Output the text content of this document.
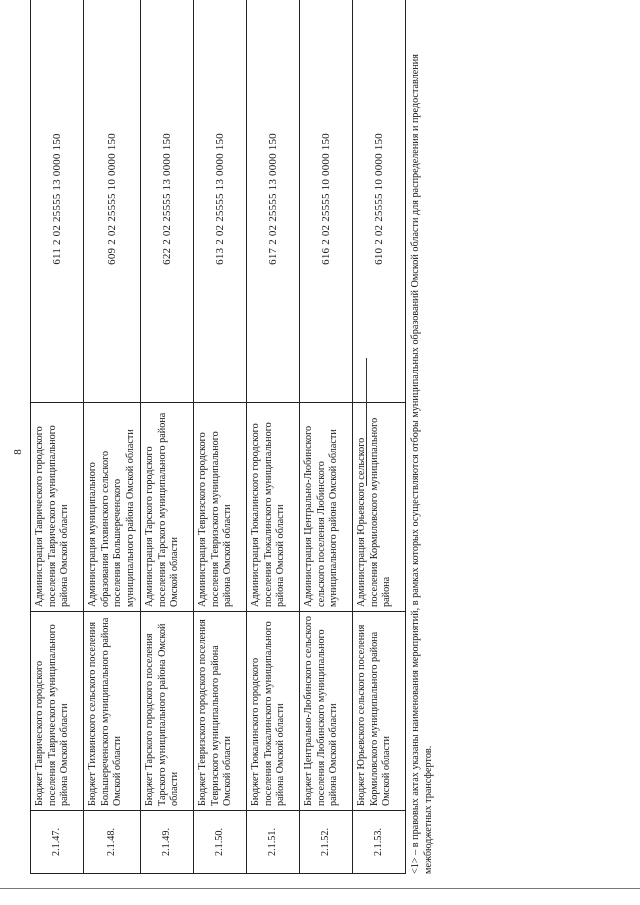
8
2.1.47.	Бюджет Таврического городского поселения Таврического муниципального района Омской области	Администрация Таврического городского поселения Таврического муниципального района Омской области	611 2 02 25555 13 0000 150
2.1.48.	Бюджет Тихвинского сельского поселения Большереченского муниципального района Омской области	Администрация муниципального образования Тихвинского сельского поселения Большереченского муниципального района Омской области	609 2 02 25555 10 0000 150
2.1.49.	Бюджет Тарского городского поселения Тарского муниципального района Омской области	Администрация Тарского городского поселения Тарского муниципального района Омской области	622 2 02 25555 13 0000 150
2.1.50.	Бюджет Тевризского городского поселения Тевризского муниципального района Омской области	Администрация Тевризского городского поселения Тевризского муниципального района Омской области	613 2 02 25555 13 0000 150
2.1.51.	Бюджет Тюкалинского городского поселения Тюкалинского муниципального района Омской области	Администрация Тюкалинского городского поселения Тюкалинского муниципального района Омской области	617 2 02 25555 13 0000 150
2.1.52.	Бюджет Центрально-Любинского сельского поселения Любинского муниципального района Омской области	Администрация Центрально-Любинского сельского поселения Любинского муниципального района Омской области	616 2 02 25555 10 0000 150
2.1.53.	Бюджет Юрьевского сельского поселения Кормиловского муниципального района Омской области	Администрация Юрьевского сельского поселения Кормиловского муниципального района	610 2 02 25555 10 0000 150 <1> – в правовых актах указаны наименования мероприятий, в рамках которых осуществляются отборы муниципальных образований Омской области для распределения и предоставления межбюджетных трансфертов.
